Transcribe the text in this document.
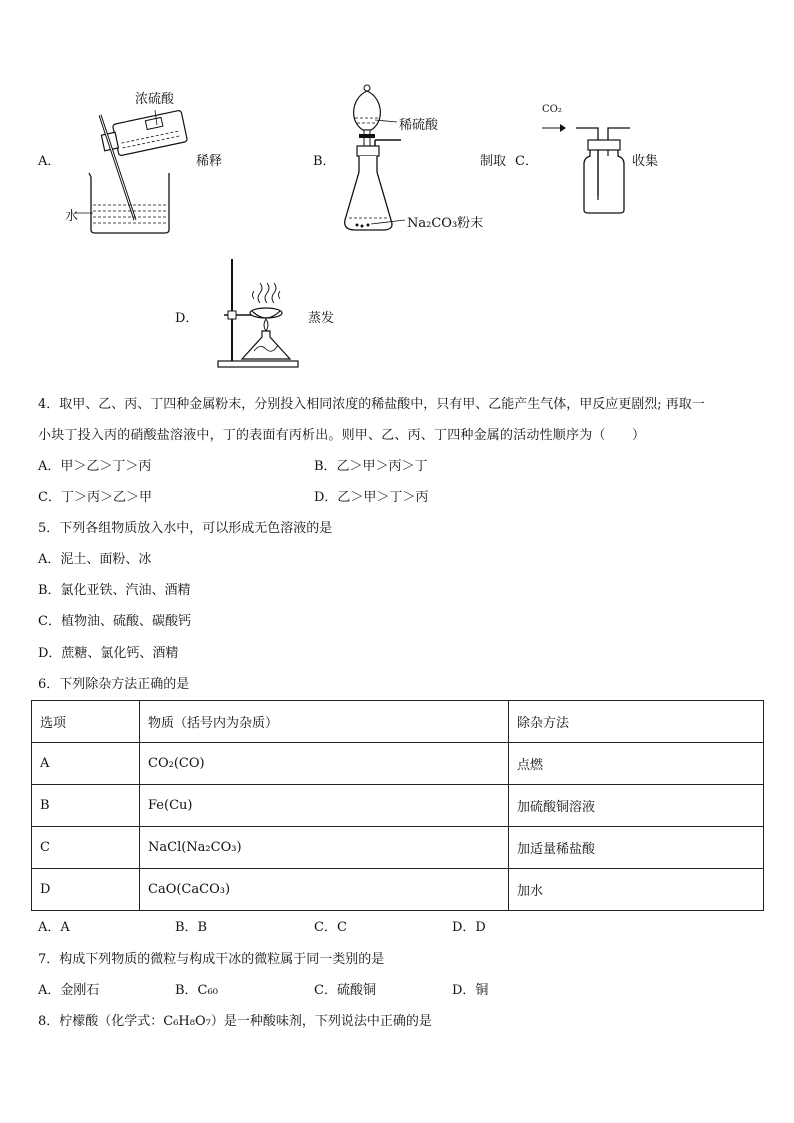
A．
浓硫酸
水
稀释	B．
稀硫酸
Na₂CO₃粉末
制取 C．
CO₂
收集
D．	蒸发
4．取甲、乙、丙、丁四种金属粉末，分别投入相同浓度的稀盐酸中，只有甲、乙能产生气体，甲反应更剧烈; 再取一
小块丁投入丙的硝酸盐溶液中，丁的表面有丙析出。则甲、乙、丙、丁四种金属的活动性顺序为（　　）
A．甲＞乙＞丁＞丙	B．乙＞甲＞丙＞丁
C．丁＞丙＞乙＞甲	D．乙＞甲＞丁＞丙
5．下列各组物质放入水中，可以形成无色溶液的是
A．泥土、面粉、冰
B．氯化亚铁、汽油、酒精
C．植物油、硫酸、碳酸钙
D．蔗糖、氯化钙、酒精
6．下列除杂方法正确的是
选项	物质（括号内为杂质）	除杂方法
A	CO₂(CO)	点燃
B	Fe(Cu)	加硫酸铜溶液
C	NaCl(Na₂CO₃)	加适量稀盐酸
D	CaO(CaCO₃)	加水
A．A	B．B	C．C	D．D
7．构成下列物质的微粒与构成干冰的微粒属于同一类别的是
A．金刚石	B．C₆₀	C．硫酸铜	D．铜
8．柠檬酸（化学式：C₆H₈O₇）是一种酸味剂，下列说法中正确的是
